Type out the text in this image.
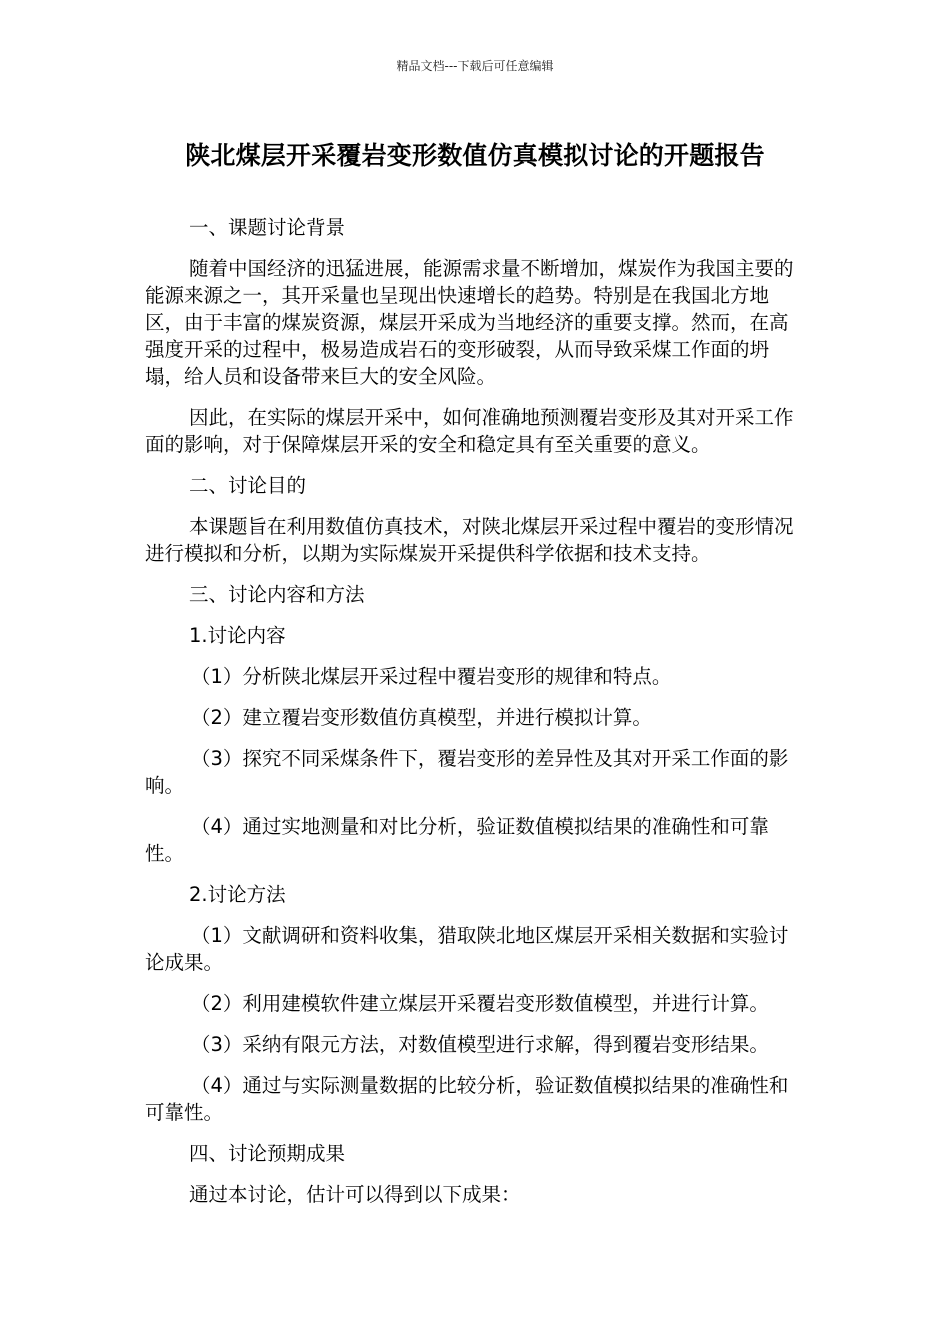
精品文档---下载后可任意编辑
陕北煤层开采覆岩变形数值仿真模拟讨论的开题报告

一、课题讨论背景

随着中国经济的迅猛进展，能源需求量不断增加，煤炭作为我国主要的能源来源之一，其开采量也呈现出快速增长的趋势。特别是在我国北方地区，由于丰富的煤炭资源，煤层开采成为当地经济的重要支撑。然而，在高强度开采的过程中，极易造成岩石的变形破裂，从而导致采煤工作面的坍塌，给人员和设备带来巨大的安全风险。

因此，在实际的煤层开采中，如何准确地预测覆岩变形及其对开采工作面的影响，对于保障煤层开采的安全和稳定具有至关重要的意义。

二、讨论目的

本课题旨在利用数值仿真技术，对陕北煤层开采过程中覆岩的变形情况进行模拟和分析，以期为实际煤炭开采提供科学依据和技术支持。

三、讨论内容和方法

1.讨论内容

（1）分析陕北煤层开采过程中覆岩变形的规律和特点。

（2）建立覆岩变形数值仿真模型，并进行模拟计算。

（3）探究不同采煤条件下，覆岩变形的差异性及其对开采工作面的影响。

（4）通过实地测量和对比分析，验证数值模拟结果的准确性和可靠性。

2.讨论方法

（1）文献调研和资料收集，猎取陕北地区煤层开采相关数据和实验讨论成果。

（2）利用建模软件建立煤层开采覆岩变形数值模型，并进行计算。

（3）采纳有限元方法，对数值模型进行求解，得到覆岩变形结果。

（4）通过与实际测量数据的比较分析，验证数值模拟结果的准确性和可靠性。

四、讨论预期成果

通过本讨论，估计可以得到以下成果：
